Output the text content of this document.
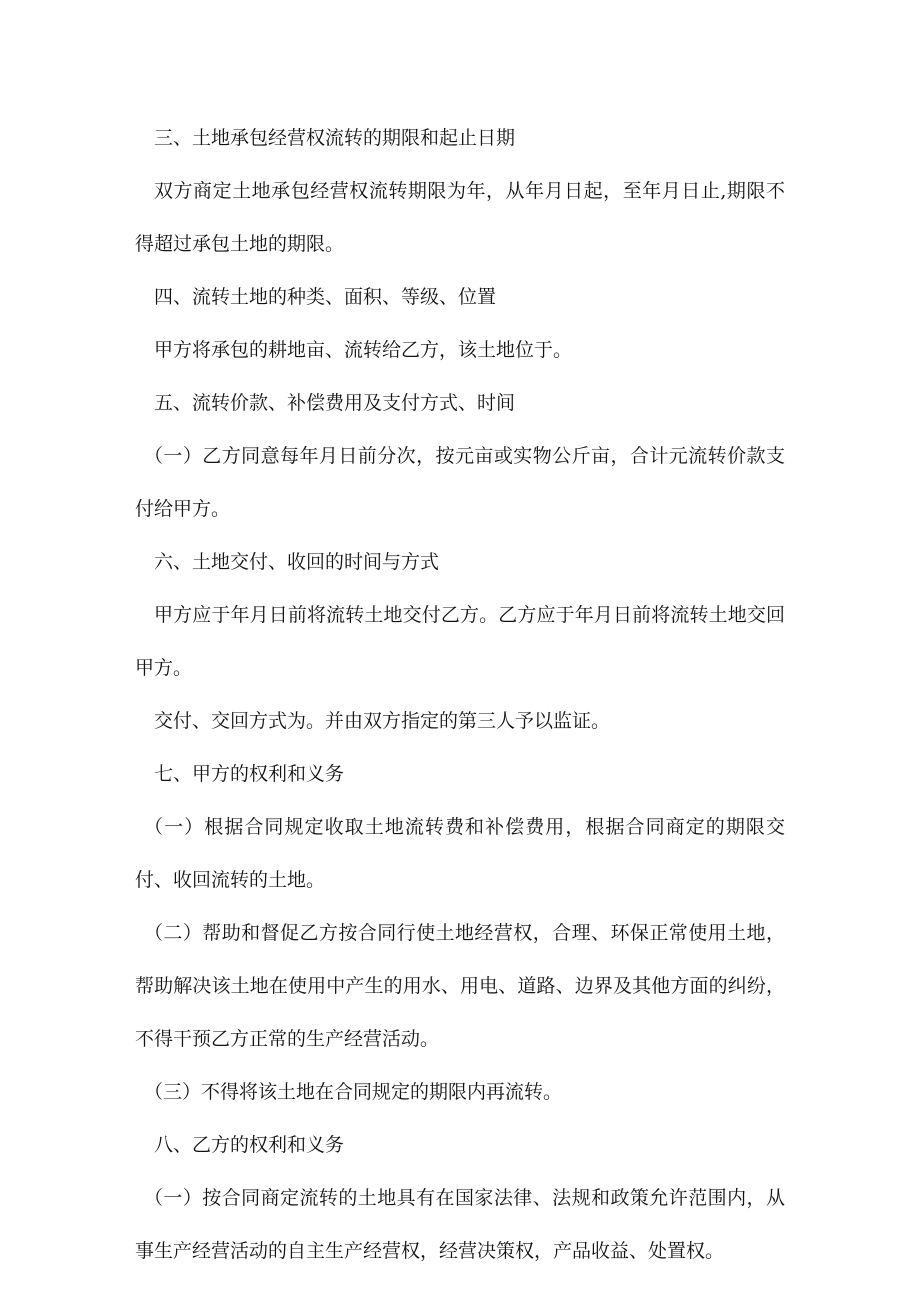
三、土地承包经营权流转的期限和起止日期

双方商定土地承包经营权流转期限为年，从年月日起，至年月日止,期限不得超过承包土地的期限。

四、流转土地的种类、面积、等级、位置

甲方将承包的耕地亩、流转给乙方，该土地位于。

五、流转价款、补偿费用及支付方式、时间

（一）乙方同意每年月日前分次，按元亩或实物公斤亩，合计元流转价款支付给甲方。

六、土地交付、收回的时间与方式

甲方应于年月日前将流转土地交付乙方。乙方应于年月日前将流转土地交回甲方。

交付、交回方式为。并由双方指定的第三人予以监证。

七、甲方的权利和义务

（一）根据合同规定收取土地流转费和补偿费用，根据合同商定的期限交付、收回流转的土地。

（二）帮助和督促乙方按合同行使土地经营权，合理、环保正常使用土地，帮助解决该土地在使用中产生的用水、用电、道路、边界及其他方面的纠纷，不得干预乙方正常的生产经营活动。

（三）不得将该土地在合同规定的期限内再流转。

八、乙方的权利和义务

（一）按合同商定流转的土地具有在国家法律、法规和政策允许范围内，从事生产经营活动的自主生产经营权，经营决策权，产品收益、处置权。
